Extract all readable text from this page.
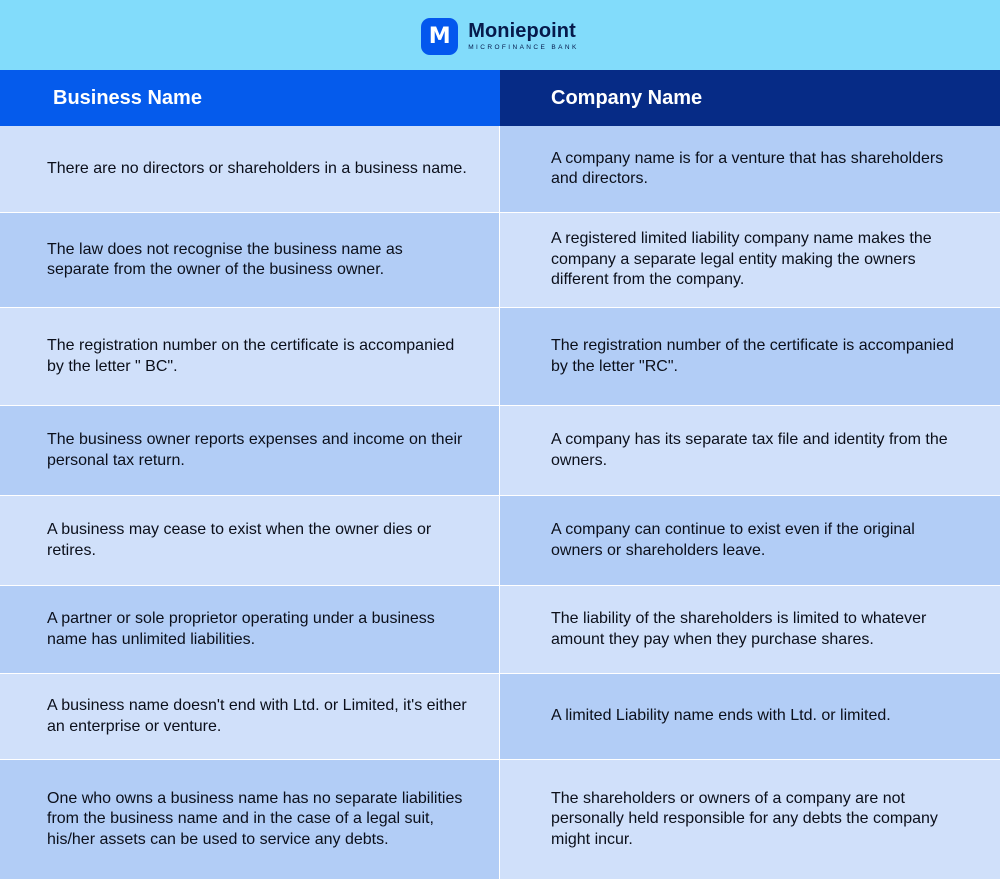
M Moniepoint
MICROFINANCE BANK
Business Name	Company Name
There are no directors or shareholders in a business name.
A company name is for a venture that has shareholders and directors.
The law does not recognise the business name as separate from the owner of the business owner.
A registered limited liability company name makes the company a separate legal entity making the owners different from the company.
The registration number on the certificate is accompanied by the letter " BC".
The registration number of the certificate is accompanied by the letter "RC".
The business owner reports expenses and income on their personal tax return.
A company has its separate tax file and identity from the owners.
A business may cease to exist when the owner dies or retires.
A company can continue to exist even if the original owners or shareholders leave.
A partner or sole proprietor operating under a business name has unlimited liabilities.
The liability of the shareholders is limited to whatever amount they pay when they purchase shares.
A business name doesn't end with Ltd. or Limited, it's either an enterprise or venture.
A limited Liability name ends with Ltd. or limited.
One who owns a business name has no separate liabilities from the business name and in the case of a legal suit, his/her assets can be used to service any debts.
The shareholders or owners of a company are not personally held responsible for any debts the company might incur.
